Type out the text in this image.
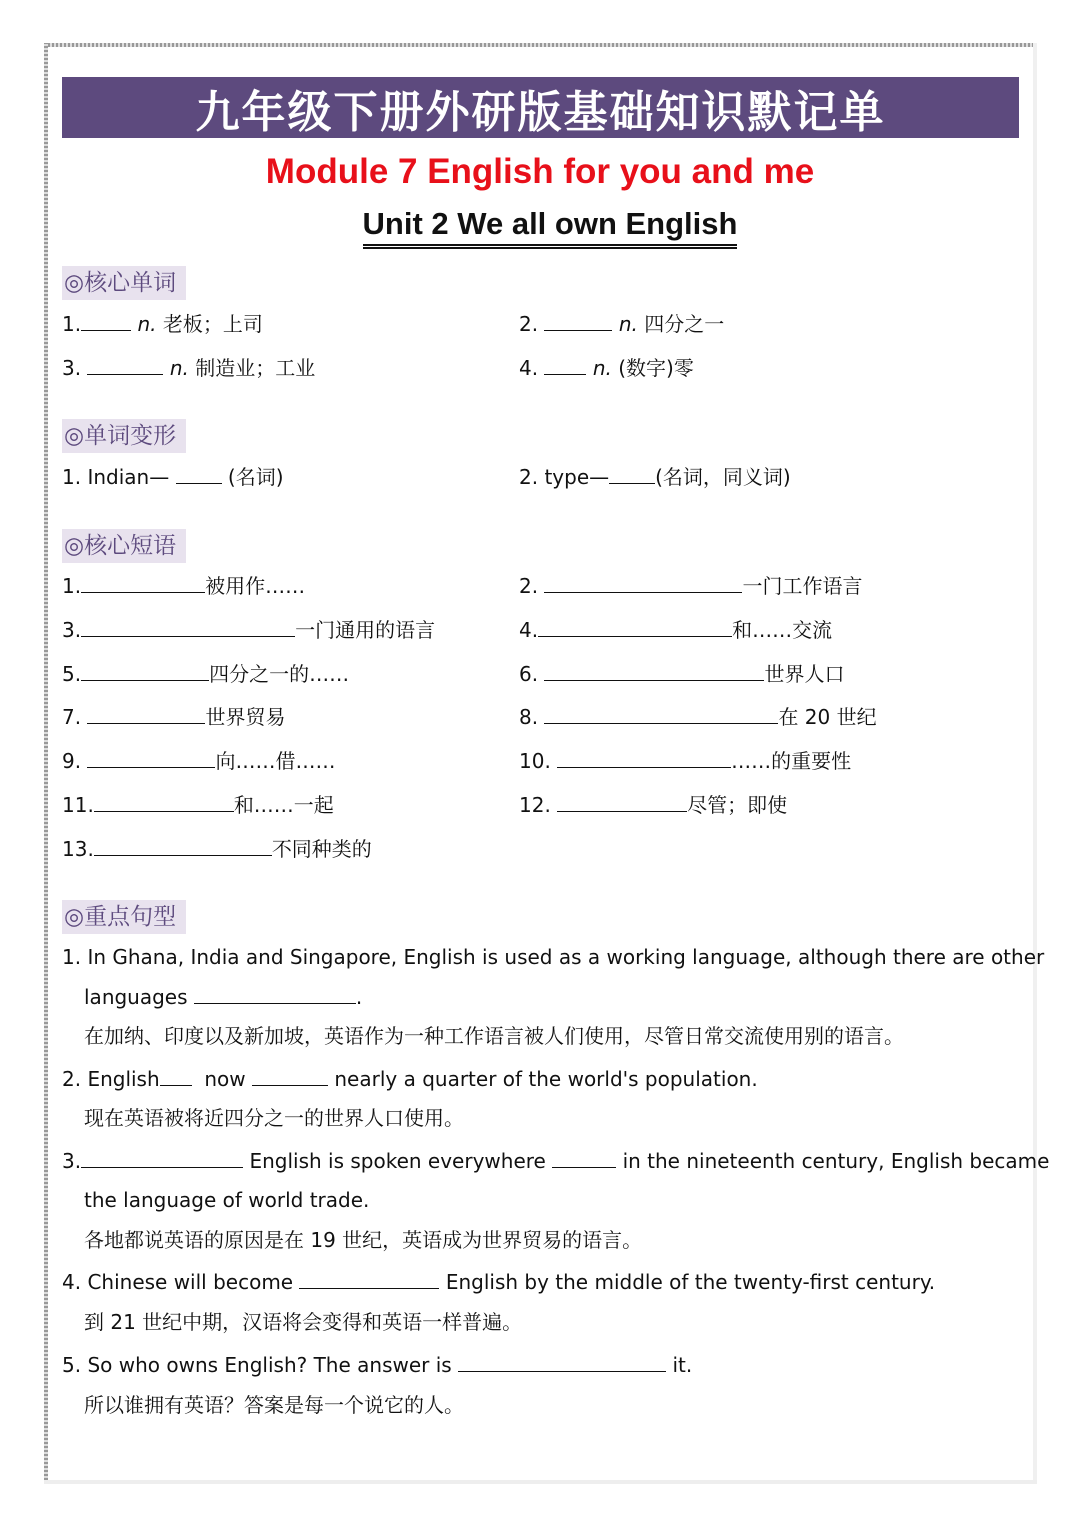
九年级下册外研版基础知识默记单
Module 7 English for you and me
Unit 2 We all own English
◎核心单词
1.	n. 老板；上司	2.	n. 四分之一
3.	n. 制造业；工业	4.	n. (数字)零
◎单词变形
1. Indian—	(名词)	2. type— (名词，同义词)
◎核心短语
1.	被用作……	2.	一门工作语言
3.	一门通用的语言	4.	和……交流
5.	四分之一的……	6.	世界人口
7.	世界贸易	8.	在 20 世纪
9.	向……借……	10.	……的重要性
11.	和……一起	12.	尽管；即使
13.	不同种类的
◎重点句型
1. In Ghana, India and Singapore, English is used as a working language, although there are other
languages	.
在加纳、印度以及新加坡，英语作为一种工作语言被人们使用，尽管日常交流使用别的语言。
2. English now	nearly a quarter of the world's population.
现在英语被将近四分之一的世界人口使用。
3.	English is spoken everywhere	in the nineteenth century, English became
the language of world trade.
各地都说英语的原因是在 19 世纪，英语成为世界贸易的语言。
4. Chinese will become	English by the middle of the twenty-first century.
到 21 世纪中期，汉语将会变得和英语一样普遍。
5. So who owns English? The answer is	it.
所以谁拥有英语？答案是每一个说它的人。
